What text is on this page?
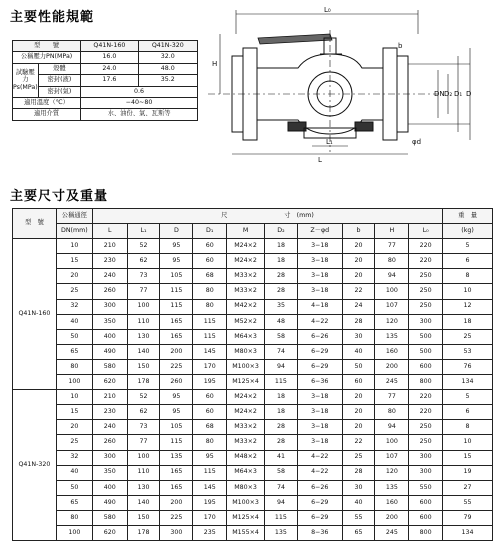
主要性能規範
型　　號		Q41N-160	Q41N-320
公稱壓力PN(MPa)		16.0	32.0
試驗壓力
Ps(MPa)	殼體	24.0	48.0
	密封(液)	17.6	35.2
	密封(氣)	0.6	
適用溫度（℃）		−40~80	
適用介質		水、油份、氣、瓦斯等	
L₀
H
L
L₁
DN D₂ D₁ D
b
φd
主要尺寸及重量
型　號	公稱通徑	尺　　　　　　　　　寸　(mm)										重　量
	DN(mm)	L	L₁	D	D₁	M	D₂	Z－φd	b	H	L₀	(kg)
Q41N-160	10	210	52	95	60	M24×2	18	3−18	20	77	220	5
	15	230	62	95	60	M24×2	18	3−18	20	80	220	6
	20	240	73	105	68	M33×2	28	3−18	20	94	250	8
	25	260	77	115	80	M33×2	28	3−18	22	100	250	10
	32	300	100	115	80	M42×2	35	4−18	24	107	250	12
	40	350	110	165	115	M52×2	48	4−22	28	120	300	18
	50	400	130	165	115	M64×3	58	6−26	30	135	500	25
	65	490	140	200	145	M80×3	74	6−29	40	160	500	53
	80	580	150	225	170	M100×3	94	6−29	50	200	600	76
	100	620	178	260	195	M125×4	115	6−36	60	245	800	134
Q41N-320	10	210	52	95	60	M24×2	18	3−18	20	77	220	5
	15	230	62	95	60	M24×2	18	3−18	20	80	220	6
	20	240	73	105	68	M33×2	28	3−18	20	94	250	8
	25	260	77	115	80	M33×2	28	3−18	22	100	250	10
	32	300	100	135	95	M48×2	41	4−22	25	107	300	15
	40	350	110	165	115	M64×3	58	4−22	28	120	300	19
	50	400	130	165	145	M80×3	74	6−26	30	135	550	27
	65	490	140	200	195	M100×3	94	6−29	40	160	600	55
	80	580	150	225	170	M125×4	115	6−29	55	200	600	79
	100	620	178	300	235	M155×4	135	8−36	65	245	800	134
